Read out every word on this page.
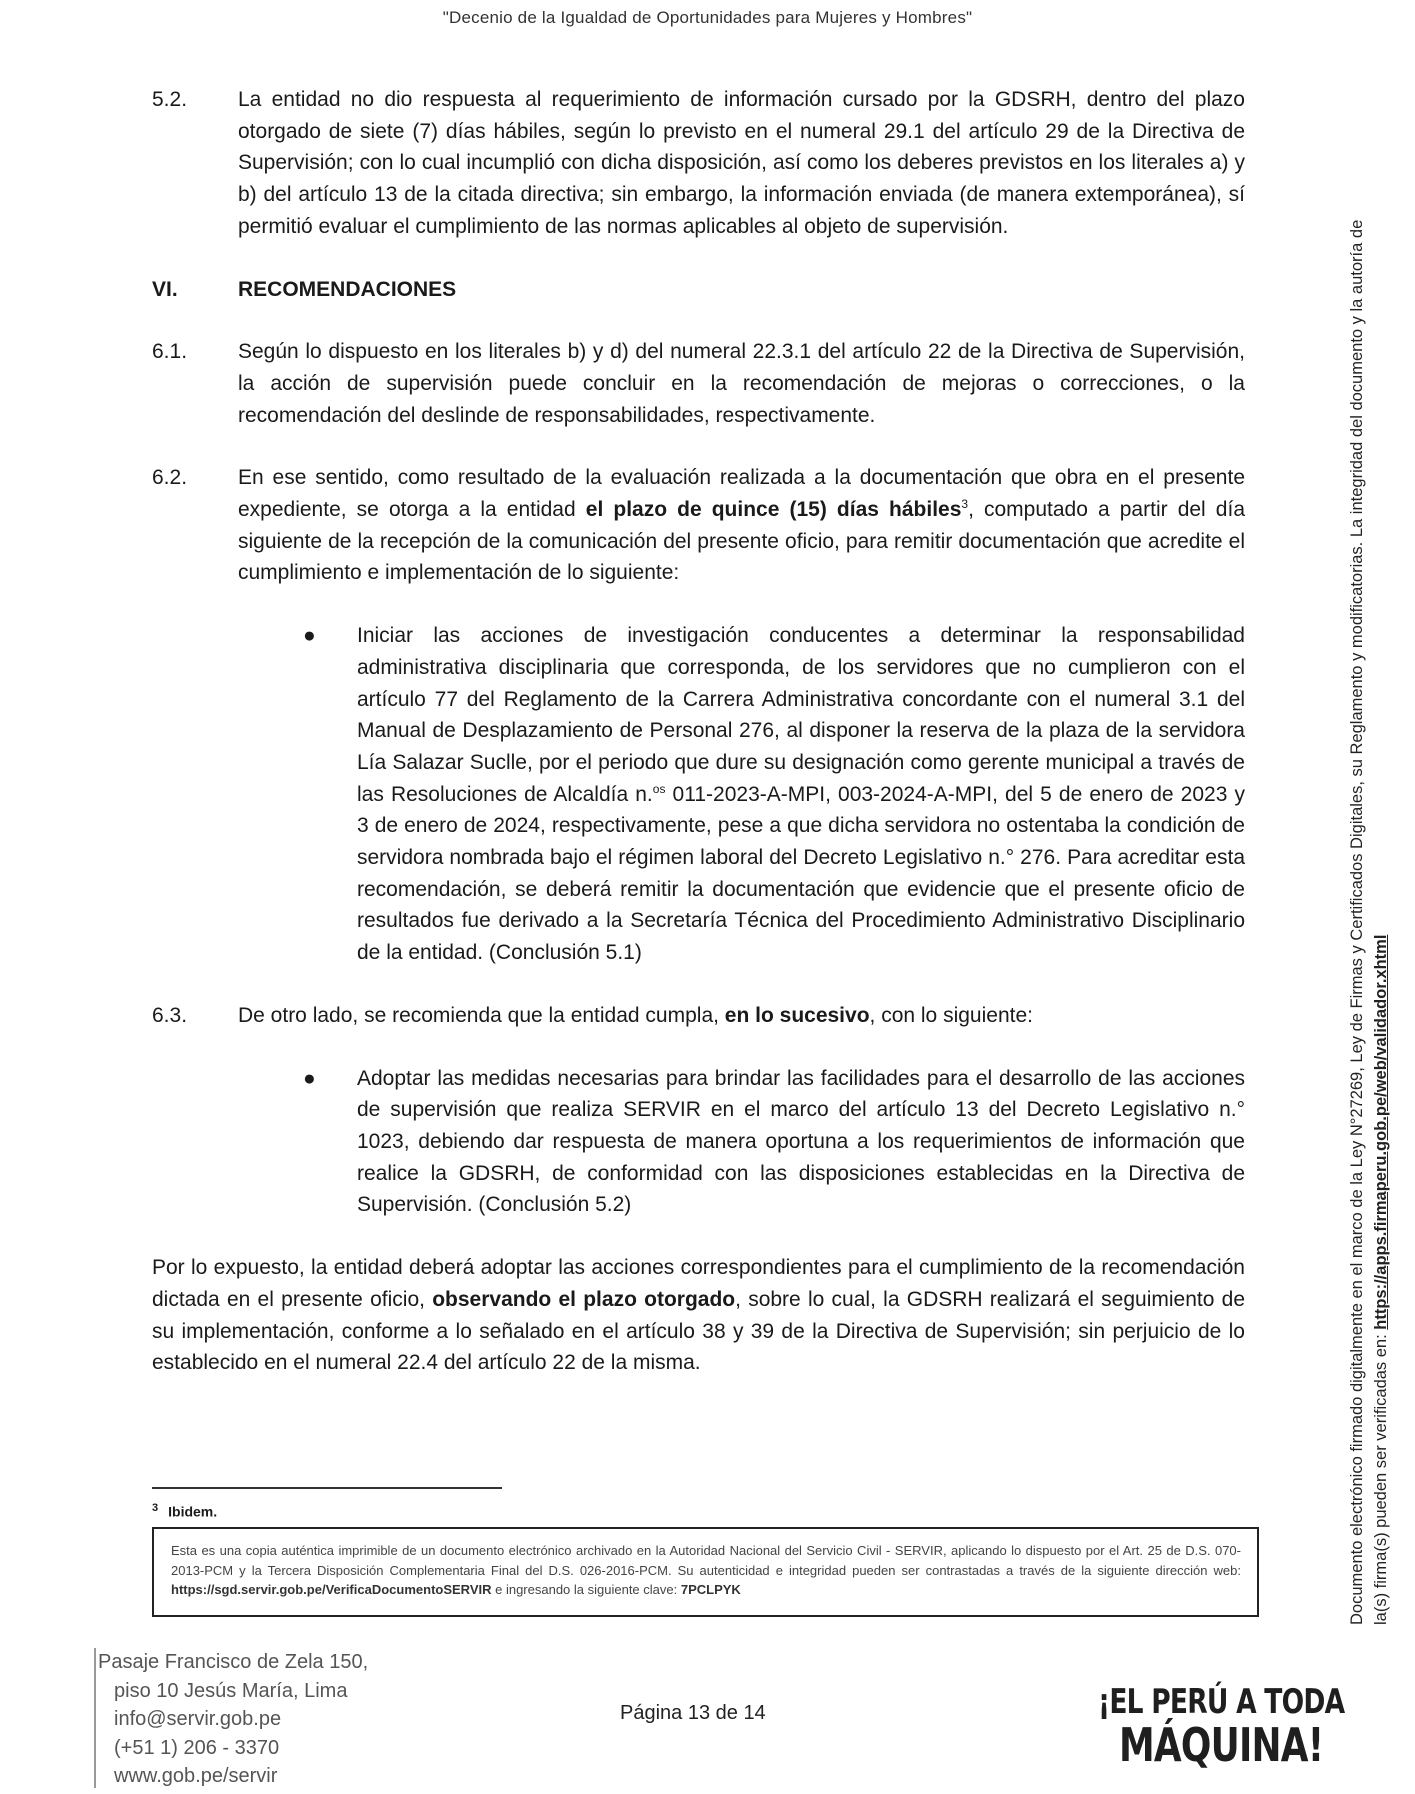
"Decenio de la Igualdad de Oportunidades para Mujeres y Hombres"
5.2. La entidad no dio respuesta al requerimiento de información cursado por la GDSRH, dentro del plazo otorgado de siete (7) días hábiles, según lo previsto en el numeral 29.1 del artículo 29 de la Directiva de Supervisión; con lo cual incumplió con dicha disposición, así como los deberes previstos en los literales a) y b) del artículo 13 de la citada directiva; sin embargo, la información enviada (de manera extemporánea), sí permitió evaluar el cumplimiento de las normas aplicables al objeto de supervisión.
VI.	RECOMENDACIONES
6.1. Según lo dispuesto en los literales b) y d) del numeral 22.3.1 del artículo 22 de la Directiva de Supervisión, la acción de supervisión puede concluir en la recomendación de mejoras o correcciones, o la recomendación del deslinde de responsabilidades, respectivamente.
6.2. En ese sentido, como resultado de la evaluación realizada a la documentación que obra en el presente expediente, se otorga a la entidad el plazo de quince (15) días hábiles$^3$, computado a partir del día siguiente de la recepción de la comunicación del presente oficio, para remitir documentación que acredite el cumplimiento e implementación de lo siguiente:
● Iniciar las acciones de investigación conducentes a determinar la responsabilidad administrativa disciplinaria que corresponda, de los servidores que no cumplieron con el artículo 77 del Reglamento de la Carrera Administrativa concordante con el numeral 3.1 del Manual de Desplazamiento de Personal 276, al disponer la reserva de la plaza de la servidora Lía Salazar Suclle, por el periodo que dure su designación como gerente municipal a través de las Resoluciones de Alcaldía n.$^{os}$ 011-2023-A-MPI, 003-2024-A-MPI, del 5 de enero de 2023 y 3 de enero de 2024, respectivamente, pese a que dicha servidora no ostentaba la condición de servidora nombrada bajo el régimen laboral del Decreto Legislativo n.° 276. Para acreditar esta recomendación, se deberá remitir la documentación que evidencie que el presente oficio de resultados fue derivado a la Secretaría Técnica del Procedimiento Administrativo Disciplinario de la entidad. (Conclusión 5.1)
6.3. De otro lado, se recomienda que la entidad cumpla, en lo sucesivo, con lo siguiente:
● Adoptar las medidas necesarias para brindar las facilidades para el desarrollo de las acciones de supervisión que realiza SERVIR en el marco del artículo 13 del Decreto Legislativo n.° 1023, debiendo dar respuesta de manera oportuna a los requerimientos de información que realice la GDSRH, de conformidad con las disposiciones establecidas en la Directiva de Supervisión. (Conclusión 5.2)
Por lo expuesto, la entidad deberá adoptar las acciones correspondientes para el cumplimiento de la recomendación dictada en el presente oficio, observando el plazo otorgado, sobre lo cual, la GDSRH realizará el seguimiento de su implementación, conforme a lo señalado en el artículo 38 y 39 de la Directiva de Supervisión; sin perjuicio de lo establecido en el numeral 22.4 del artículo 22 de la misma.
$^3$ Ibidem.
Esta es una copia auténtica imprimible de un documento electrónico archivado en la Autoridad Nacional del Servicio Civil - SERVIR, aplicando lo dispuesto por el Art. 25 de D.S. 070-2013-PCM y la Tercera Disposición Complementaria Final del D.S. 026-2016-PCM. Su autenticidad e integridad pueden ser contrastadas a través de la siguiente dirección web: https://sgd.servir.gob.pe/VerificaDocumentoSERVIR e ingresando la siguiente clave: 7PCLPYK
Pasaje Francisco de Zela 150,
piso 10 Jesús María, Lima
info@servir.gob.pe
(+51 1) 206 - 3370
www.gob.pe/servir
Página 13 de 14	¡EL PERÚ A TODA
MÁQUINA!
Documento electrónico firmado digitalmente en el marco de la Ley N°27269, Ley de Firmas y Certificados Digitales, su Reglamento y modificatorias. La integridad del documento y la autoría de la(s) firma(s) pueden ser verificadas en: https://apps.firmaperu.gob.pe/web/validador.xhtml
